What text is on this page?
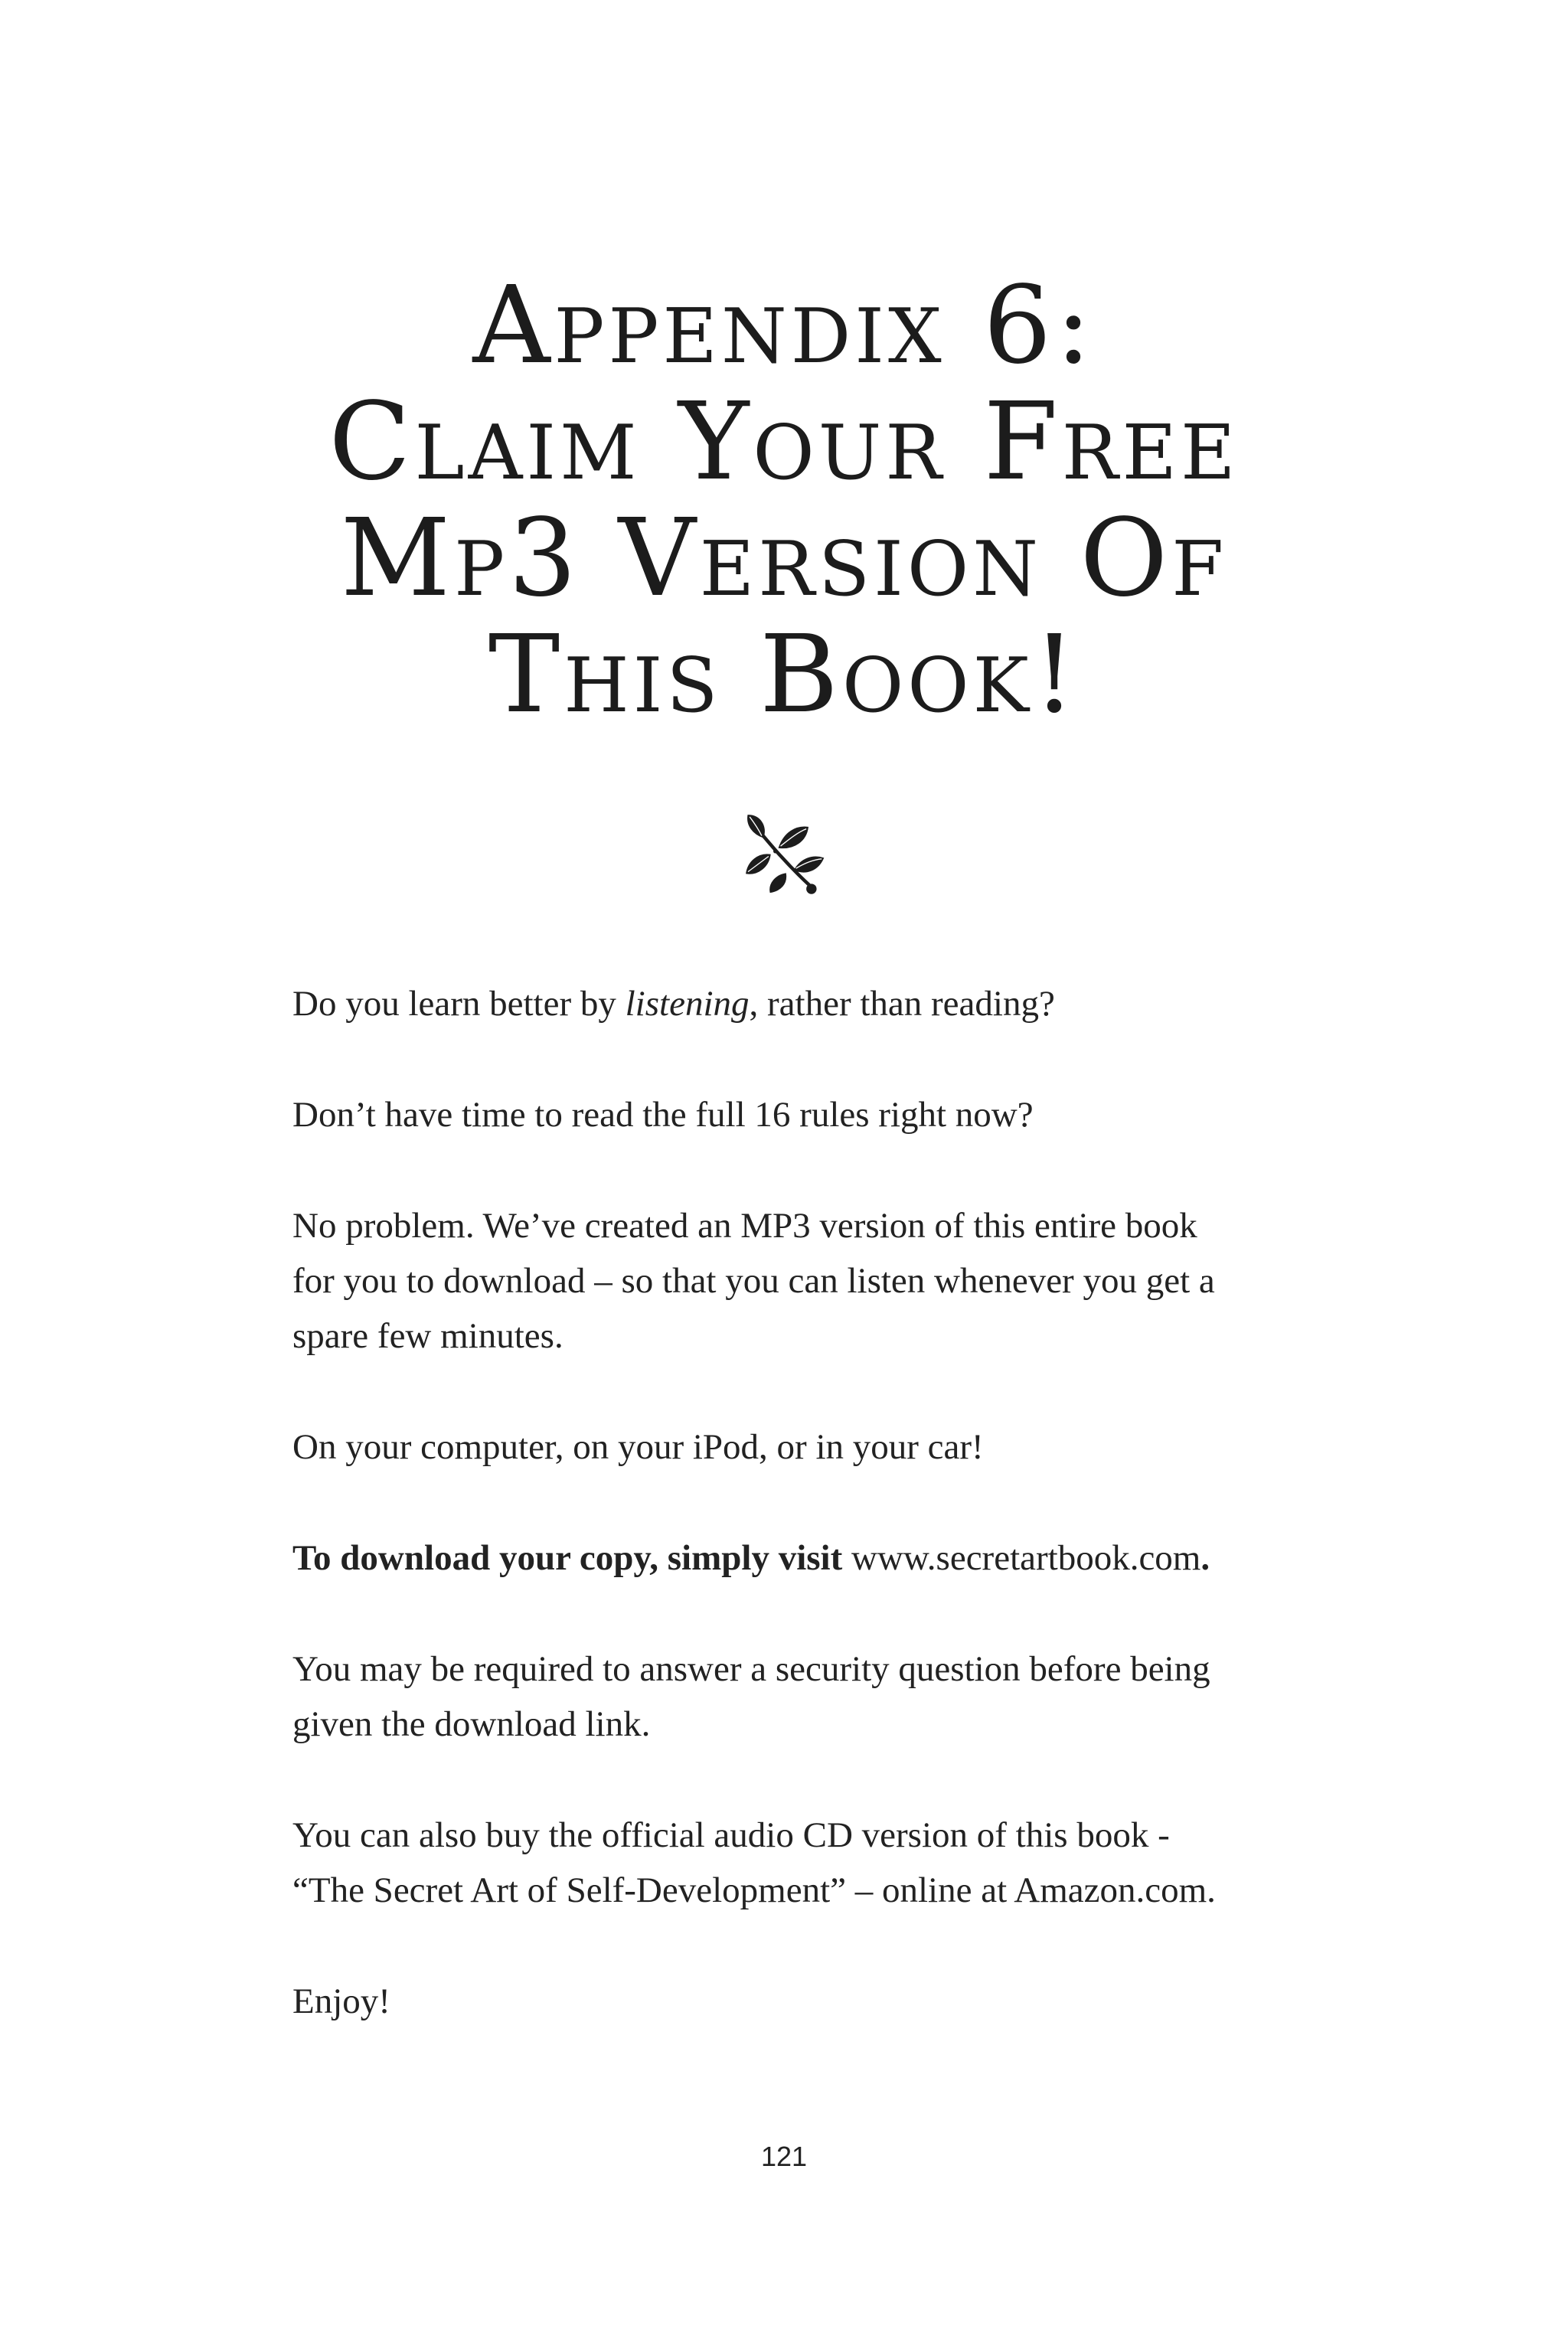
Appendix 6:
Claim Your Free
Mp3 Version Of
This Book!

Do you learn better by listening, rather than reading?

Don’t have time to read the full 16 rules right now?

No problem. We’ve created an MP3 version of this entire book
for you to download – so that you can listen whenever you get a
spare few minutes.

On your computer, on your iPod, or in your car!

To download your copy, simply visit www.secretartbook.com.

You may be required to answer a security question before being
given the download link.

You can also buy the official audio CD version of this book -
“The Secret Art of Self-Development” – online at Amazon.com.

Enjoy!

121
